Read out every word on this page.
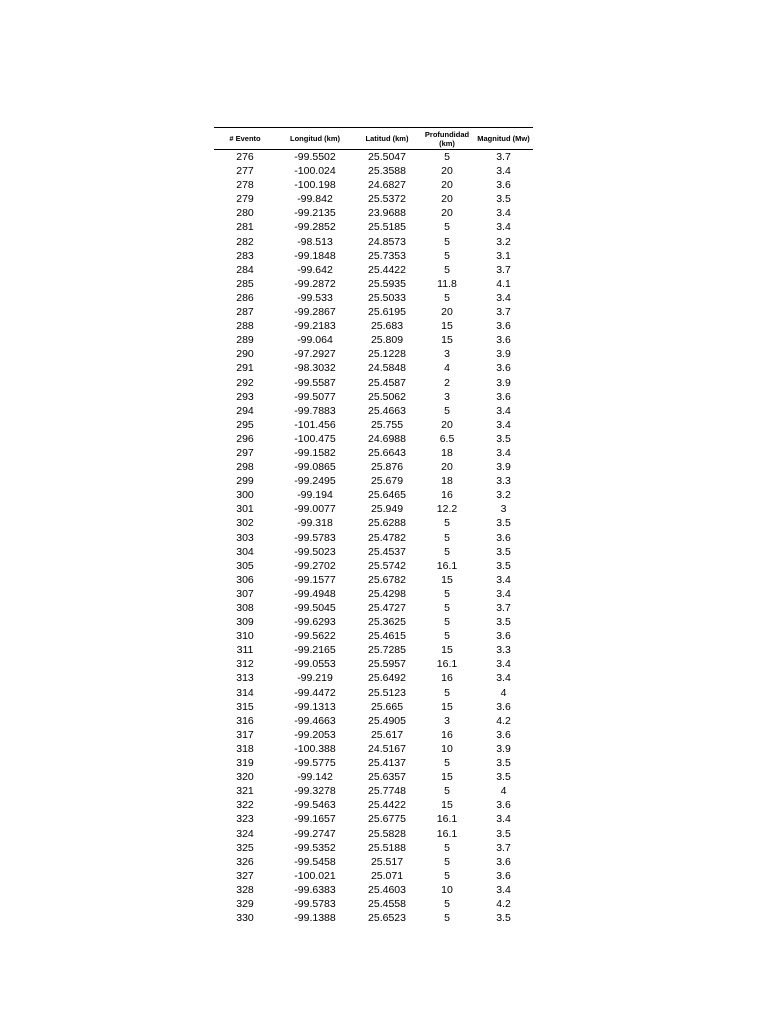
# Evento	Longitud (km)	Latitud (km)	Profundidad (km)	Magnitud (Mw)
276	-99.5502	25.5047	5	3.7
277	-100.024	25.3588	20	3.4
278	-100.198	24.6827	20	3.6
279	-99.842	25.5372	20	3.5
280	-99.2135	23.9688	20	3.4
281	-99.2852	25.5185	5	3.4
282	-98.513	24.8573	5	3.2
283	-99.1848	25.7353	5	3.1
284	-99.642	25.4422	5	3.7
285	-99.2872	25.5935	11.8	4.1
286	-99.533	25.5033	5	3.4
287	-99.2867	25.6195	20	3.7
288	-99.2183	25.683	15	3.6
289	-99.064	25.809	15	3.6
290	-97.2927	25.1228	3	3.9
291	-98.3032	24.5848	4	3.6
292	-99.5587	25.4587	2	3.9
293	-99.5077	25.5062	3	3.6
294	-99.7883	25.4663	5	3.4
295	-101.456	25.755	20	3.4
296	-100.475	24.6988	6.5	3.5
297	-99.1582	25.6643	18	3.4
298	-99.0865	25.876	20	3.9
299	-99.2495	25.679	18	3.3
300	-99.194	25.6465	16	3.2
301	-99.0077	25.949	12.2	3
302	-99.318	25.6288	5	3.5
303	-99.5783	25.4782	5	3.6
304	-99.5023	25.4537	5	3.5
305	-99.2702	25.5742	16.1	3.5
306	-99.1577	25.6782	15	3.4
307	-99.4948	25.4298	5	3.4
308	-99.5045	25.4727	5	3.7
309	-99.6293	25.3625	5	3.5
310	-99.5622	25.4615	5	3.6
311	-99.2165	25.7285	15	3.3
312	-99.0553	25.5957	16.1	3.4
313	-99.219	25.6492	16	3.4
314	-99.4472	25.5123	5	4
315	-99.1313	25.665	15	3.6
316	-99.4663	25.4905	3	4.2
317	-99.2053	25.617	16	3.6
318	-100.388	24.5167	10	3.9
319	-99.5775	25.4137	5	3.5
320	-99.142	25.6357	15	3.5
321	-99.3278	25.7748	5	4
322	-99.5463	25.4422	15	3.6
323	-99.1657	25.6775	16.1	3.4
324	-99.2747	25.5828	16.1	3.5
325	-99.5352	25.5188	5	3.7
326	-99.5458	25.517	5	3.6
327	-100.021	25.071	5	3.6
328	-99.6383	25.4603	10	3.4
329	-99.5783	25.4558	5	4.2
330	-99.1388	25.6523	5	3.5
